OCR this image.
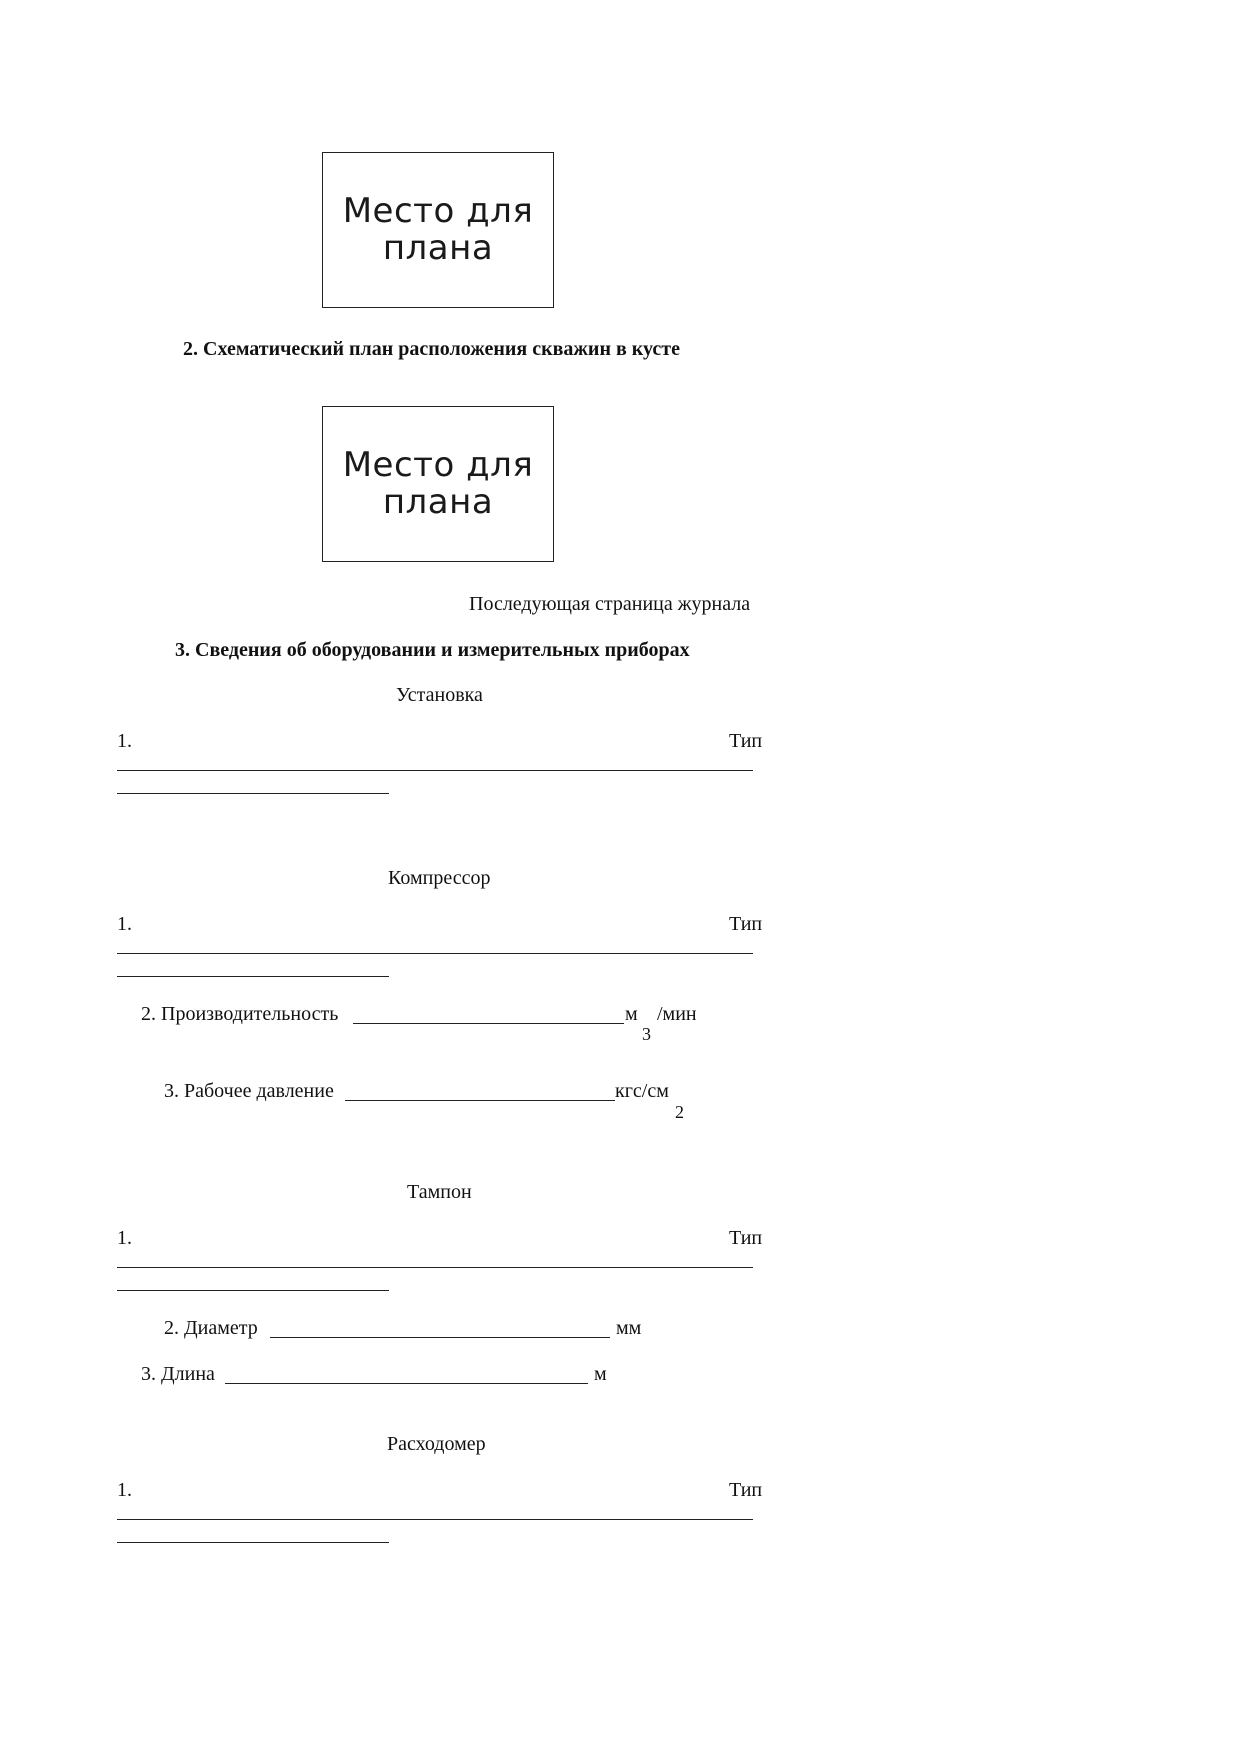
Место для
плана
2. Схематический план расположения скважин в кусте
Место для
плана
Последующая страница журнала
3. Сведения об оборудовании и измерительных приборах
Установка
1.	Тип
Компрессор
1.	Тип
2. Производительность	м
3
/мин
3. Рабочее давление	кгс/см
2
Тампон
1.	Тип
2. Диаметр	мм
3. Длина	м
Расходомер
1.	Тип
